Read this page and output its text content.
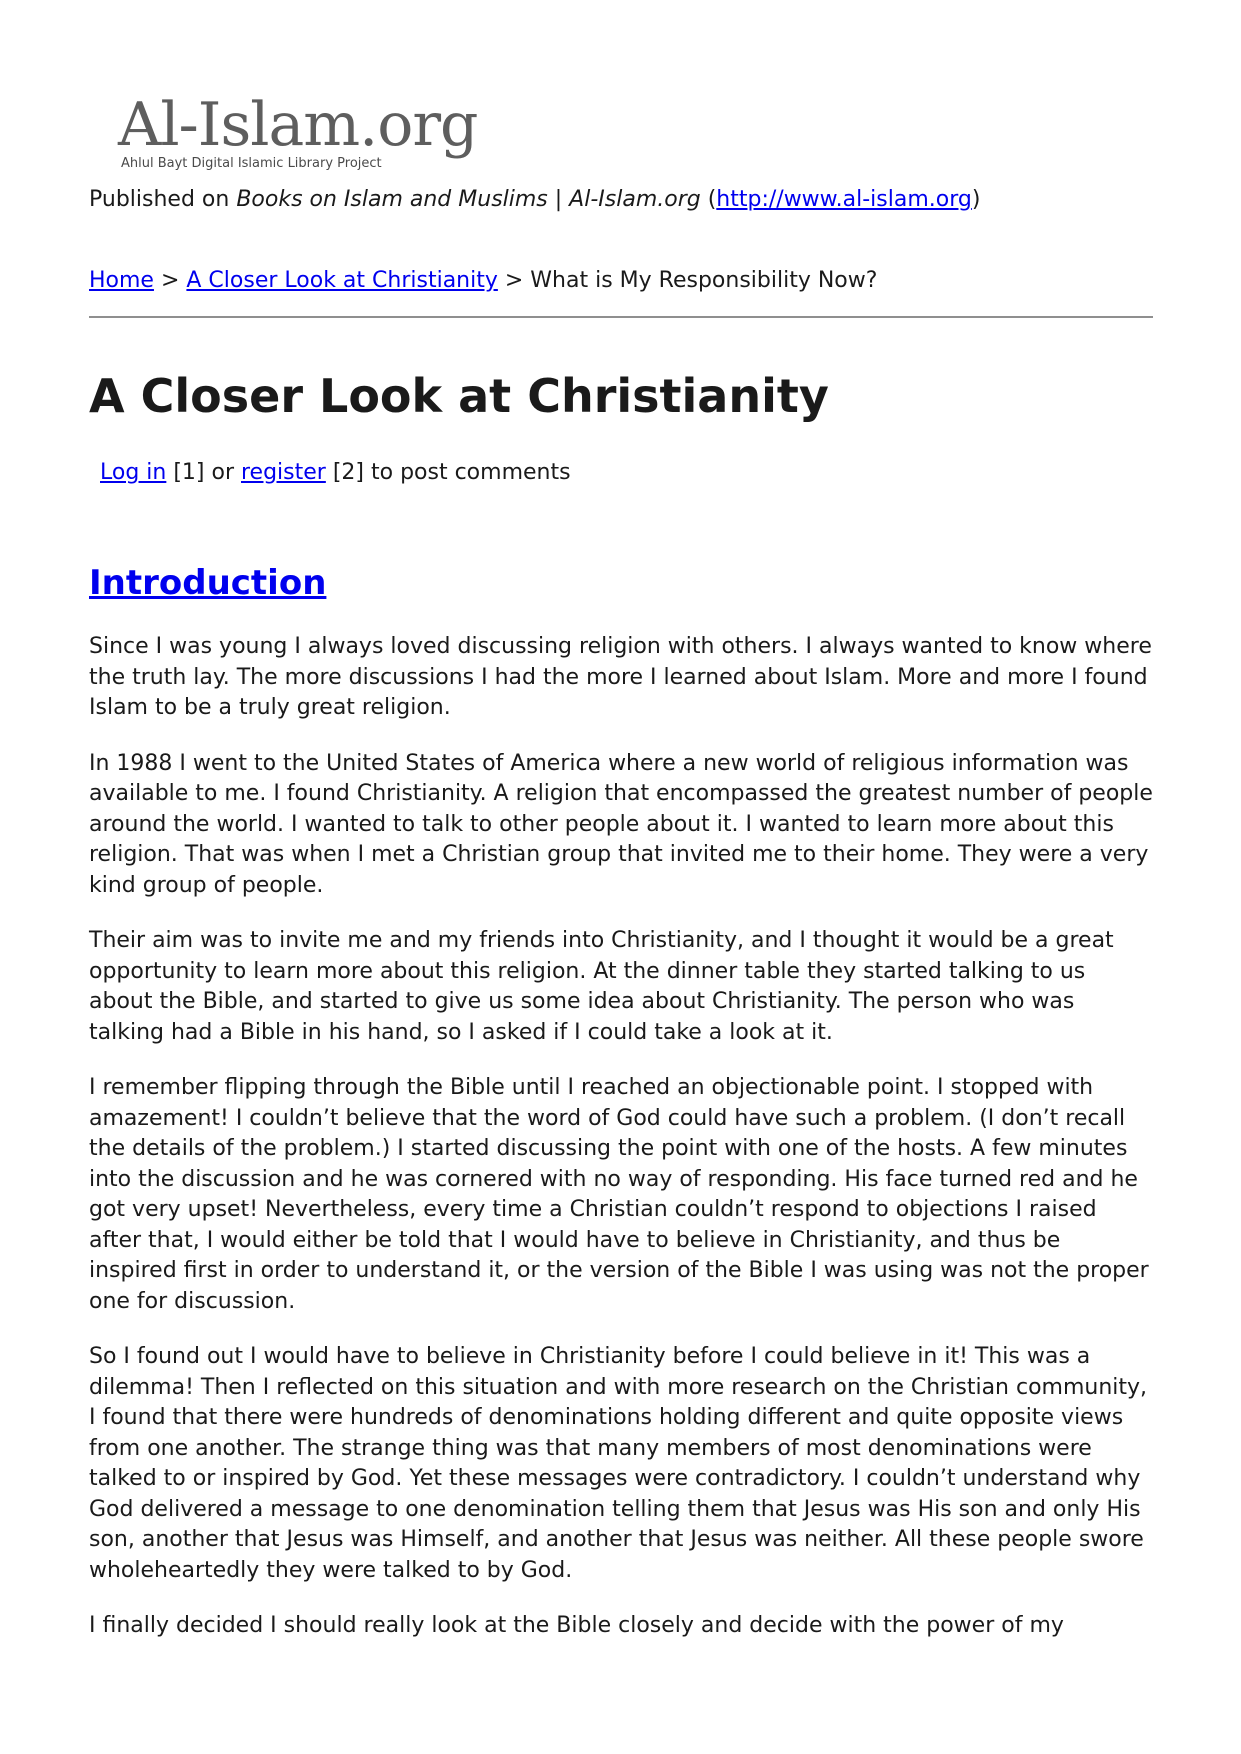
Al-Islam.org
Ahlul Bayt Digital Islamic Library Project
Published on Books on Islam and Muslims | Al-Islam.org (http://www.al-islam.org)
Home > A Closer Look at Christianity > What is My Responsibility Now?
A Closer Look at Christianity
Log in [1] or register [2] to post comments
Introduction

Since I was young I always loved discussing religion with others. I always wanted to know where the truth lay. The more discussions I had the more I learned about Islam. More and more I found Islam to be a truly great religion.

In 1988 I went to the United States of America where a new world of religious information was available to me. I found Christianity. A religion that encompassed the greatest number of people around the world. I wanted to talk to other people about it. I wanted to learn more about this religion. That was when I met a Christian group that invited me to their home. They were a very kind group of people.

Their aim was to invite me and my friends into Christianity, and I thought it would be a great opportunity to learn more about this religion. At the dinner table they started talking to us about the Bible, and started to give us some idea about Christianity. The person who was talking had a Bible in his hand, so I asked if I could take a look at it.

I remember flipping through the Bible until I reached an objectionable point. I stopped with amazement! I couldn’t believe that the word of God could have such a problem. (I don’t recall the details of the problem.) I started discussing the point with one of the hosts. A few minutes into the discussion and he was cornered with no way of responding. His face turned red and he got very upset! Nevertheless, every time a Christian couldn’t respond to objections I raised after that, I would either be told that I would have to believe in Christianity, and thus be inspired first in order to understand it, or the version of the Bible I was using was not the proper one for discussion.

So I found out I would have to believe in Christianity before I could believe in it! This was a dilemma! Then I reflected on this situation and with more research on the Christian community, I found that there were hundreds of denominations holding different and quite opposite views from one another. The strange thing was that many members of most denominations were talked to or inspired by God. Yet these messages were contradictory. I couldn’t understand why God delivered a message to one denomination telling them that Jesus was His son and only His son, another that Jesus was Himself, and another that Jesus was neither. All these people swore wholeheartedly they were talked to by God.

I finally decided I should really look at the Bible closely and decide with the power of my
